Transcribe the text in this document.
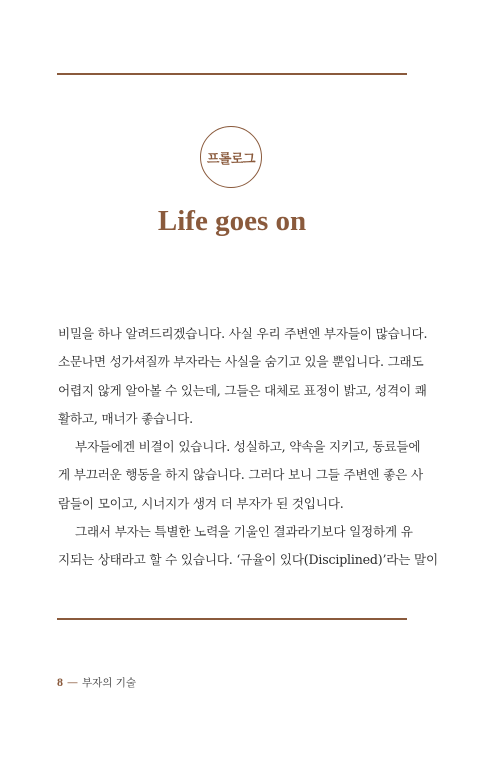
프롤로그
Life goes on
비밀을 하나 알려드리겠습니다. 사실 우리 주변엔 부자들이 많습니다.
소문나면 성가셔질까 부자라는 사실을 숨기고 있을 뿐입니다. 그래도
어렵지 않게 알아볼 수 있는데, 그들은 대체로 표정이 밝고, 성격이 쾌
활하고, 매너가 좋습니다.
부자들에겐 비결이 있습니다. 성실하고, 약속을 지키고, 동료들에
게 부끄러운 행동을 하지 않습니다. 그러다 보니 그들 주변엔 좋은 사
람들이 모이고, 시너지가 생겨 더 부자가 된 것입니다.
그래서 부자는 특별한 노력을 기울인 결과라기보다 일정하게 유
지되는 상태라고 할 수 있습니다. ‘규율이 있다(Disciplined)’라는 말이
8 — 부자의 기술
